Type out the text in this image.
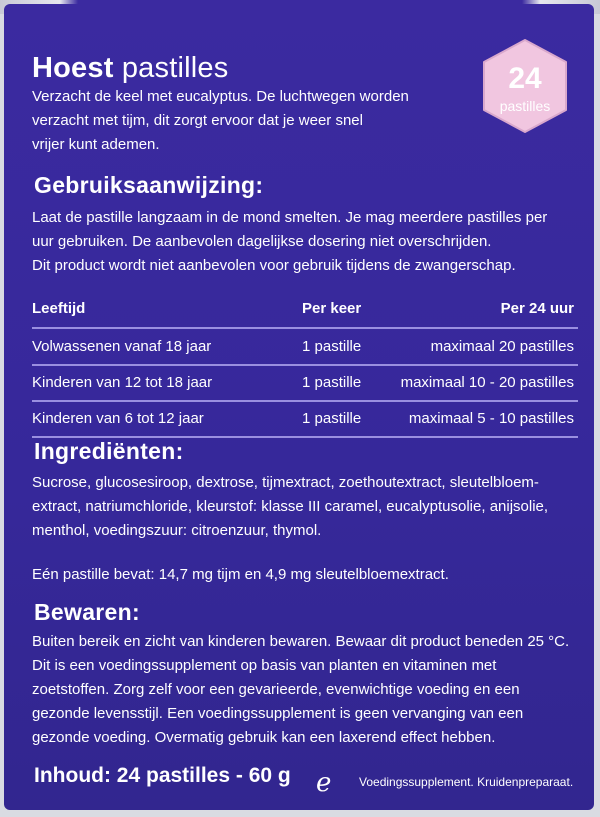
Hoest pastilles

Verzacht de keel met eucalyptus. De luchtwegen worden

verzacht met tijm, dit zorgt ervoor dat je weer snel

vrijer kunt ademen.

24
pastilles
Gebruiksaanwijzing:

Laat de pastille langzaam in de mond smelten. Je mag meerdere pastilles per

uur gebruiken. De aanbevolen dagelijkse dosering niet overschrijden.

Dit product wordt niet aanbevolen voor gebruik tijdens de zwangerschap.

Leeftijd	Per keer	Per 24 uur
Volwassenen vanaf 18 jaar	1 pastille	maximaal 20 pastilles
Kinderen van 12 tot 18 jaar	1 pastille	maximaal 10 - 20 pastilles
Kinderen van 6 tot 12 jaar	1 pastille	maximaal 5 - 10 pastilles
Ingrediënten:

Sucrose, glucosesiroop, dextrose, tijmextract, zoethoutextract, sleutelbloem-

extract, natriumchloride, kleurstof: klasse III caramel, eucalyptusolie, anijsolie,

menthol, voedingszuur: citroenzuur, thymol.

Eén pastille bevat: 14,7 mg tijm en 4,9 mg sleutelbloemextract.

Bewaren:

Buiten bereik en zicht van kinderen bewaren. Bewaar dit product beneden 25 °C.

Dit is een voedingssupplement op basis van planten en vitaminen met

zoetstoffen. Zorg zelf voor een gevarieerde, evenwichtige voeding en een

gezonde levensstijl. Een voedingssupplement is geen vervanging van een

gezonde voeding. Overmatig gebruik kan een laxerend effect hebben.

Inhoud: 24 pastilles - 60 g e Voedingssupplement. Kruidenpreparaat.
